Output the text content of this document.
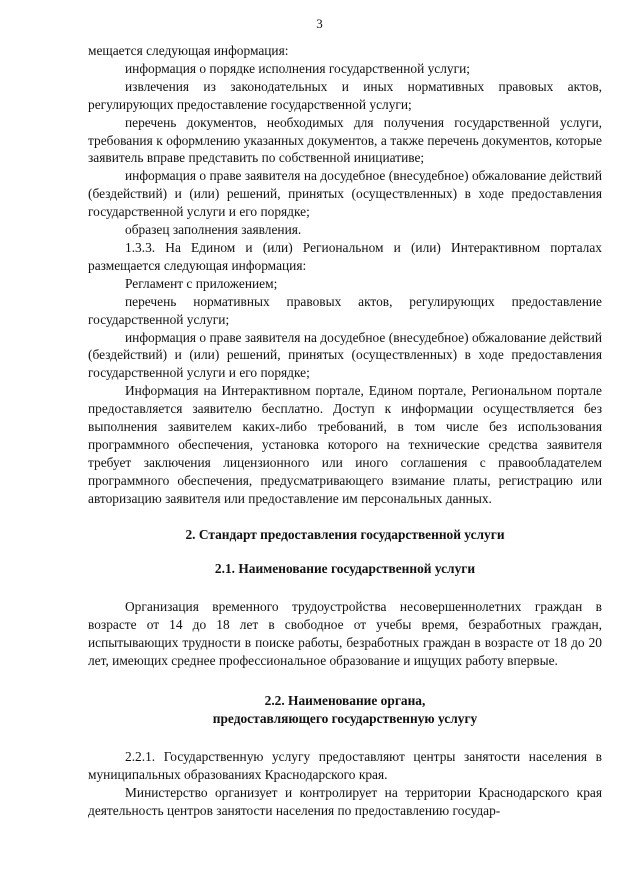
3

мещается следующая информация:

информация о порядке исполнения государственной услуги;

извлечения из законодательных и иных нормативных правовых актов, регулирующих предоставление государственной услуги;

перечень документов, необходимых для получения государственной услуги, требования к оформлению указанных документов, а также перечень документов, которые заявитель вправе представить по собственной инициативе;

информация о праве заявителя на досудебное (внесудебное) обжалование действий (бездействий) и (или) решений, принятых (осуществленных) в ходе предоставления государственной услуги и его порядке;

образец заполнения заявления.

1.3.3. На Едином и (или) Региональном и (или) Интерактивном порталах размещается следующая информация:

Регламент с приложением;

перечень нормативных правовых актов, регулирующих предоставление государственной услуги;

информация о праве заявителя на досудебное (внесудебное) обжалование действий (бездействий) и (или) решений, принятых (осуществленных) в ходе предоставления государственной услуги и его порядке;

Информация на Интерактивном портале, Едином портале, Региональном портале предоставляется заявителю бесплатно. Доступ к информации осуществляется без выполнения заявителем каких-либо требований, в том числе без использования программного обеспечения, установка которого на технические средства заявителя требует заключения лицензионного или иного соглашения с правообладателем программного обеспечения, предусматривающего взимание платы, регистрацию или авторизацию заявителя или предоставление им персональных данных.

2. Стандарт предоставления государственной услуги

2.1. Наименование государственной услуги

Организация временного трудоустройства несовершеннолетних граждан в возрасте от 14 до 18 лет в свободное от учебы время, безработных граждан, испытывающих трудности в поиске работы, безработных граждан в возрасте от 18 до 20 лет, имеющих среднее профессиональное образование и ищущих работу впервые.

2.2. Наименование органа,

предоставляющего государственную услугу

2.2.1. Государственную услугу предоставляют центры занятости населения в муниципальных образованиях Краснодарского края.

Министерство организует и контролирует на территории Краснодарского края деятельность центров занятости населения по предоставлению государ-
